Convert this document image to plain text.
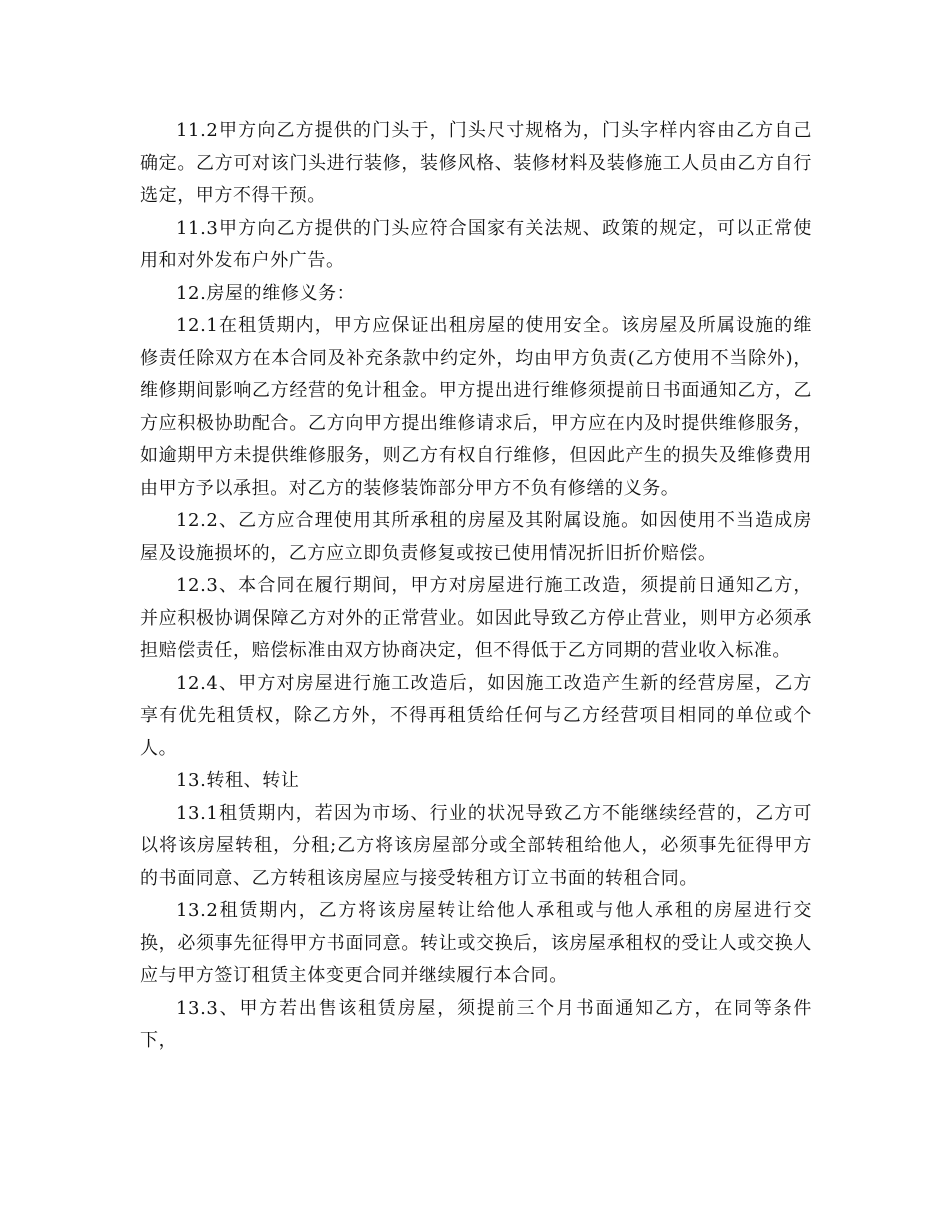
11.2甲方向乙方提供的门头于，门头尺寸规格为，门头字样内容由乙方自己确定。乙方可对该门头进行装修，装修风格、装修材料及装修施工人员由乙方自行选定，甲方不得干预。

11.3甲方向乙方提供的门头应符合国家有关法规、政策的规定，可以正常使用和对外发布户外广告。

12.房屋的维修义务：

12.1在租赁期内，甲方应保证出租房屋的使用安全。该房屋及所属设施的维修责任除双方在本合同及补充条款中约定外，均由甲方负责(乙方使用不当除外)，维修期间影响乙方经营的免计租金。甲方提出进行维修须提前日书面通知乙方，乙方应积极协助配合。乙方向甲方提出维修请求后，甲方应在内及时提供维修服务，如逾期甲方未提供维修服务，则乙方有权自行维修，但因此产生的损失及维修费用由甲方予以承担。对乙方的装修装饰部分甲方不负有修缮的义务。

12.2、乙方应合理使用其所承租的房屋及其附属设施。如因使用不当造成房屋及设施损坏的，乙方应立即负责修复或按已使用情况折旧折价赔偿。

12.3、本合同在履行期间，甲方对房屋进行施工改造，须提前日通知乙方，并应积极协调保障乙方对外的正常营业。如因此导致乙方停止营业，则甲方必须承担赔偿责任，赔偿标准由双方协商决定，但不得低于乙方同期的营业收入标准。

12.4、甲方对房屋进行施工改造后，如因施工改造产生新的经营房屋，乙方享有优先租赁权，除乙方外，不得再租赁给任何与乙方经营项目相同的单位或个人。

13.转租、转让

13.1租赁期内，若因为市场、行业的状况导致乙方不能继续经营的，乙方可以将该房屋转租，分租;乙方将该房屋部分或全部转租给他人，必须事先征得甲方的书面同意、乙方转租该房屋应与接受转租方订立书面的转租合同。

13.2租赁期内，乙方将该房屋转让给他人承租或与他人承租的房屋进行交换，必须事先征得甲方书面同意。转让或交换后，该房屋承租权的受让人或交换人应与甲方签订租赁主体变更合同并继续履行本合同。

13.3、甲方若出售该租赁房屋，须提前三个月书面通知乙方，在同等条件下，
